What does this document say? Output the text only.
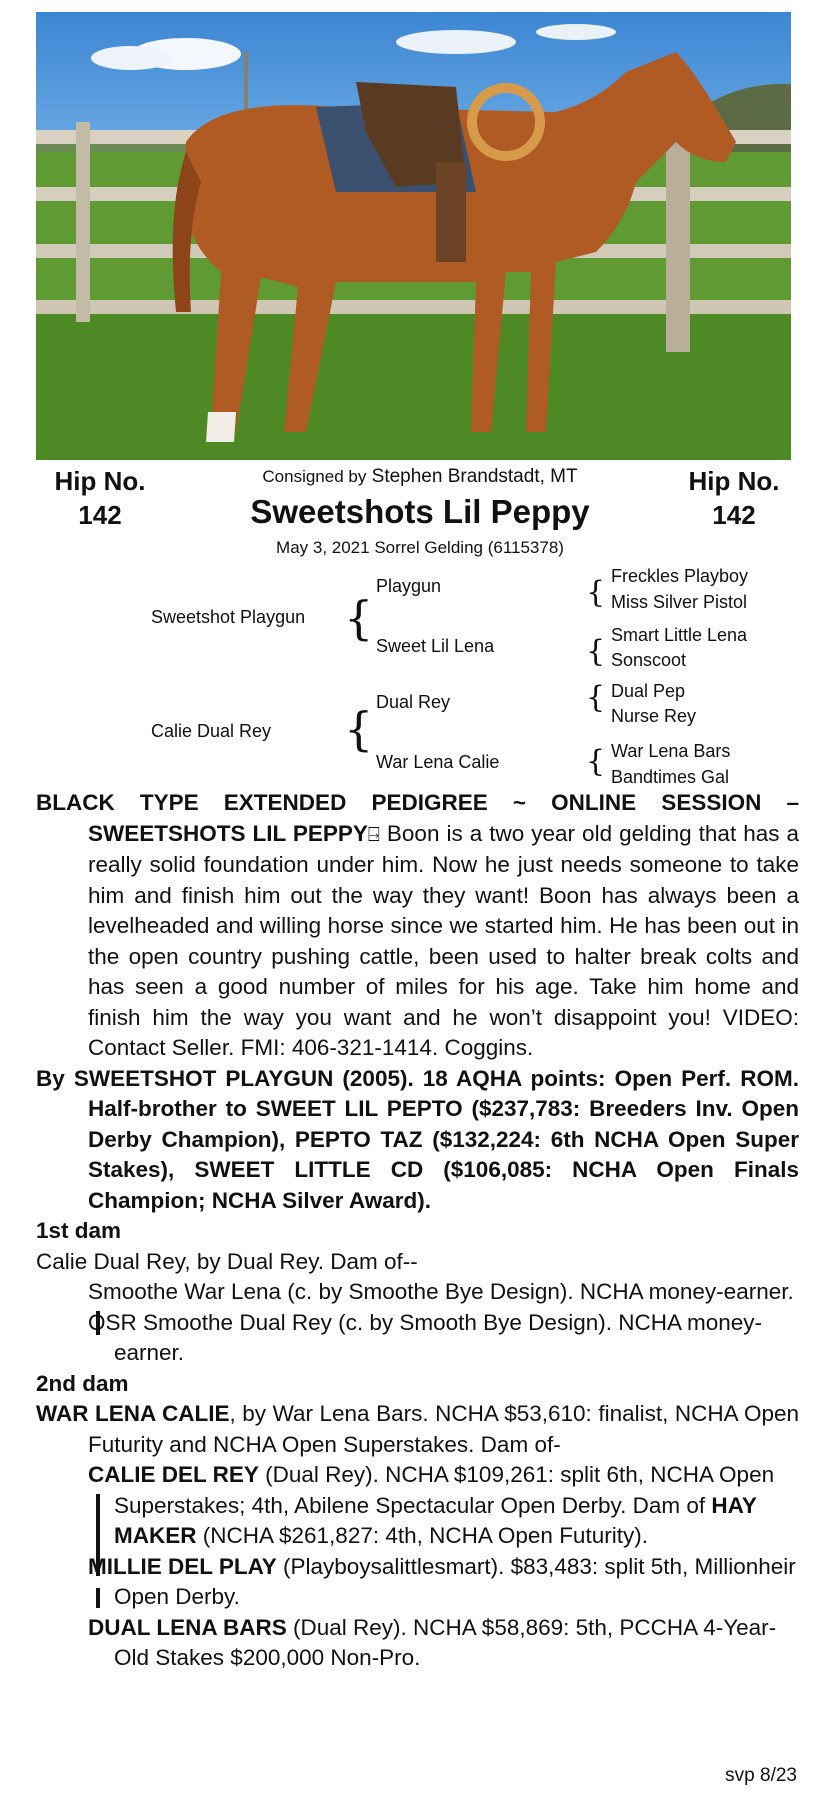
Hip No.
142
Hip No.
142
Consigned by Stephen Brandstadt, MT
Sweetshots Lil Peppy
May 3, 2021 Sorrel Gelding (6115378)
Sweetshot Playgun {
Playgun
Sweet Lil Lena
Calie Dual Rey { Dual Rey
War Lena Calie
{ Freckles Playboy
Miss Silver Pistol
{ Smart Little Lena
Sonscoot
{ Dual Pep
Nurse Rey
{ War Lena Bars
Bandtimes Gal

BLACK TYPE EXTENDED PEDIGREE ~ ONLINE SESSION – SWEETSHOTS LIL PEPPY⍈ Boon is a two year old gelding that has a really solid foundation under him. Now he just needs someone to take him and finish him out the way they want! Boon has always been a levelheaded and willing horse since we started him. He has been out in the open country pushing cattle, been used to halter break colts and has seen a good number of miles for his age. Take him home and finish him the way you want and he won’t disappoint you! VIDEO: Contact Seller. FMI: 406-321-1414. Coggins.

By SWEETSHOT PLAYGUN (2005). 18 AQHA points: Open Perf. ROM. Half-brother to SWEET LIL PEPTO ($237,783: Breeders Inv. Open Derby Champion), PEPTO TAZ ($132,224: 6th NCHA Open Super Stakes), SWEET LITTLE CD ($106,085: NCHA Open Finals Champion; NCHA Silver Award).

1st dam

Calie Dual Rey, by Dual Rey. Dam of--

Smoothe War Lena (c. by Smoothe Bye Design). NCHA money-earner.

OSR Smoothe Dual Rey (c. by Smooth Bye Design). NCHA money-earner.

2nd dam

WAR LENA CALIE, by War Lena Bars. NCHA $53,610: finalist, NCHA Open Futurity and NCHA Open Superstakes. Dam of-

CALIE DEL REY (Dual Rey). NCHA $109,261: split 6th, NCHA Open Superstakes; 4th, Abilene Spectacular Open Derby. Dam of HAY MAKER (NCHA $261,827: 4th, NCHA Open Futurity).

MILLIE DEL PLAY (Playboysalittlesmart). $83,483: split 5th, Millionheir Open Derby.

DUAL LENA BARS (Dual Rey). NCHA $58,869: 5th, PCCHA 4-Year-Old Stakes $200,000 Non-Pro.

svp 8/23
